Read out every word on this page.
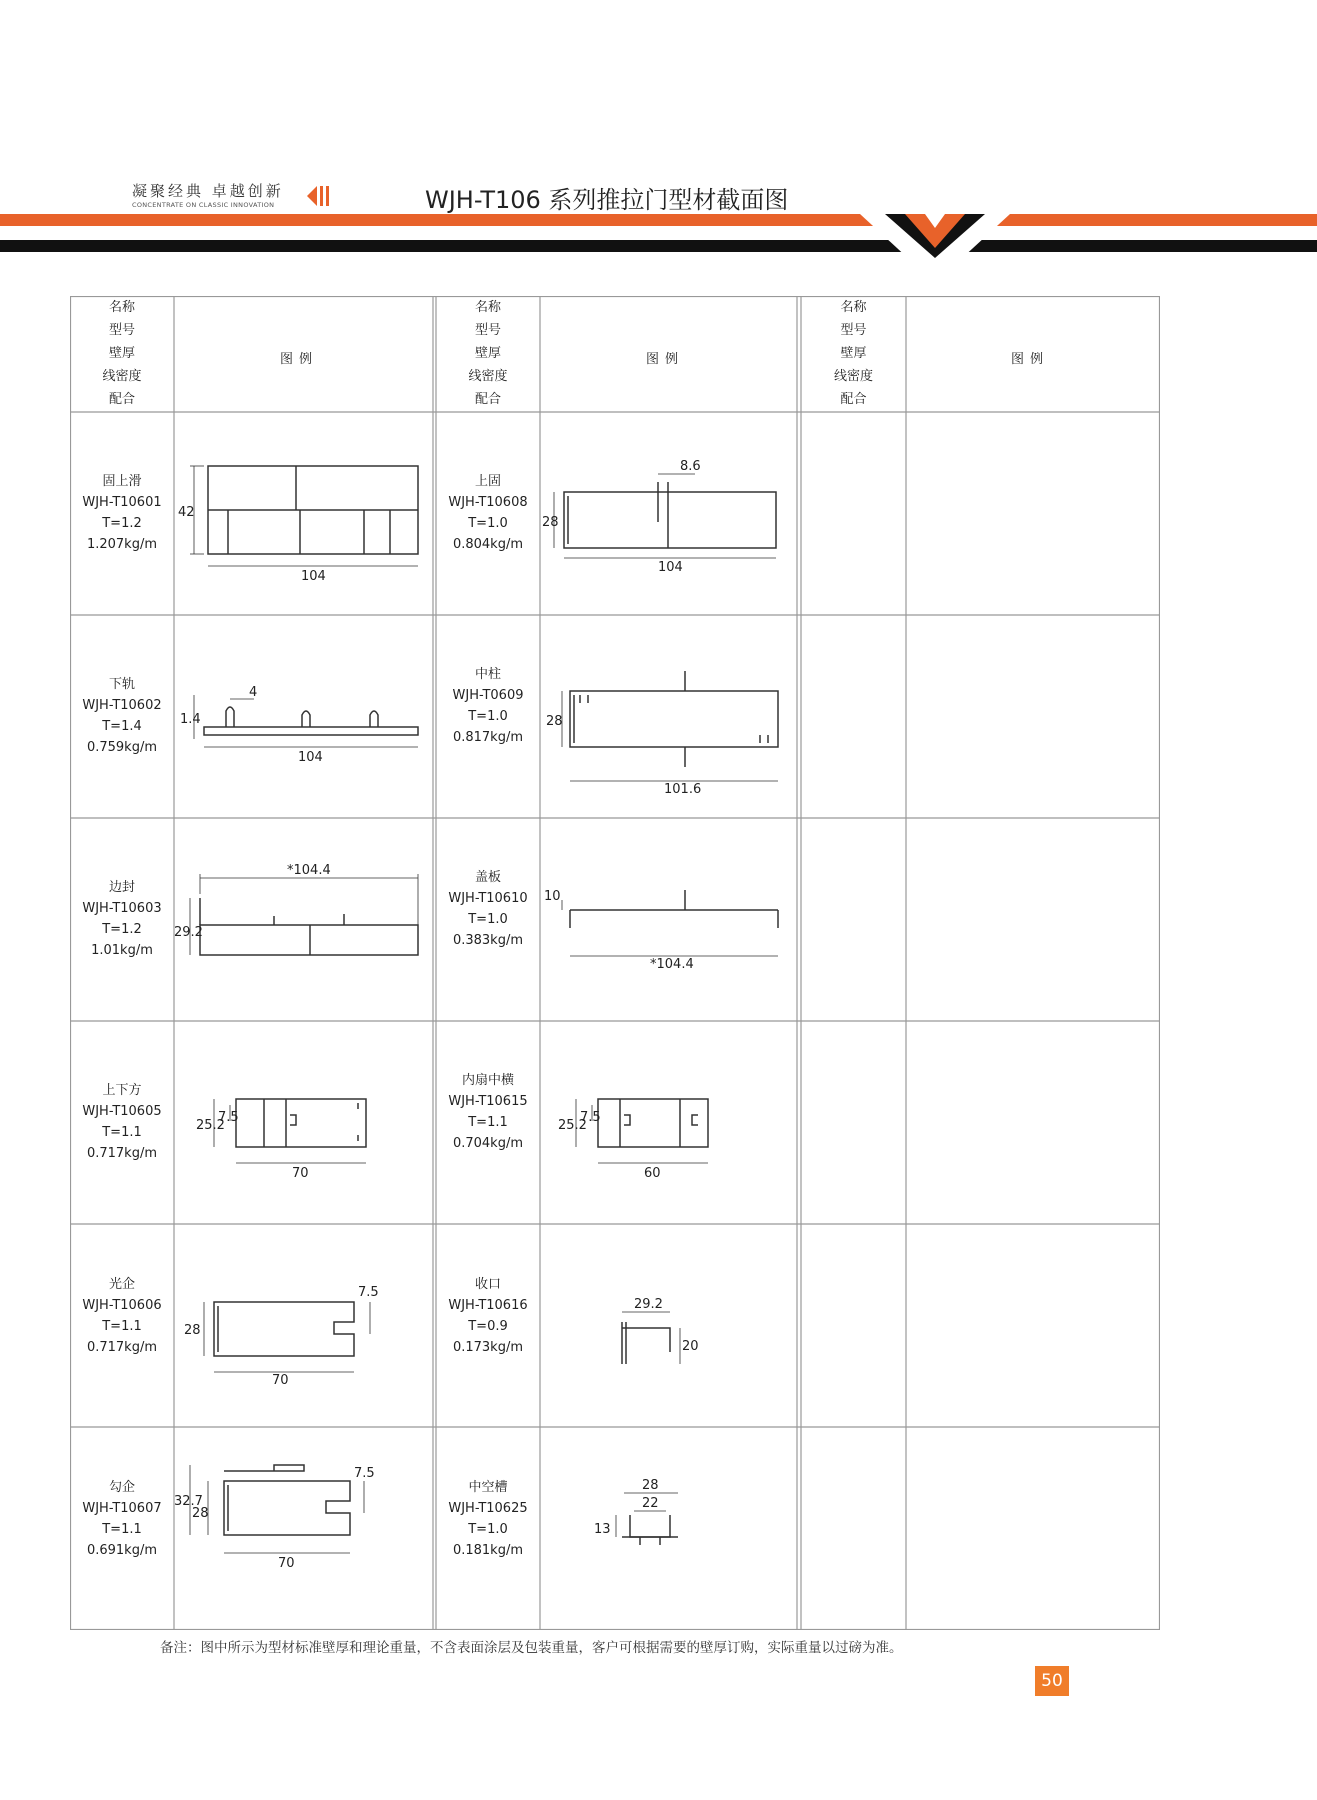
凝聚经典 卓越创新
CONCENTRATE ON CLASSIC INNOVATION	WJH-T106 系列推拉门型材截面图
名称
型号
壁厚
线密度
配合
图例
名称
型号
壁厚
线密度
配合
图例
名称
型号
壁厚
线密度
配合
图例
固上滑
WJH-T10601
T=1.2
1.207kg/m
42
104
上固
WJH-T10608
T=1.0
0.804kg/m
8.6
28
104
下轨
WJH-T10602
T=1.4
0.759kg/m
4
1.4
104
中柱
WJH-T0609
T=1.0
0.817kg/m
28
101.6
边封
WJH-T10603
T=1.2
1.01kg/m
*104.4
29.2
盖板
WJH-T10610
T=1.0
0.383kg/m
10
*104.4
上下方
WJH-T10605
T=1.1
0.717kg/m
25.2
7.5
70
内扇中横
WJH-T10615
T=1.1
0.704kg/m
25.2
7.5
60
光企
WJH-T10606
T=1.1
0.717kg/m
7.5
28
70
收口
WJH-T10616
T=0.9
0.173kg/m
29.2
20
勾企
WJH-T10607
T=1.1
0.691kg/m
32.7
28
7.5
70
中空槽
WJH-T10625
T=1.0
0.181kg/m
28
22
13
备注：图中所示为型材标准壁厚和理论重量，不含表面涂层及包装重量，客户可根据需要的壁厚订购，实际重量以过磅为准。
50
